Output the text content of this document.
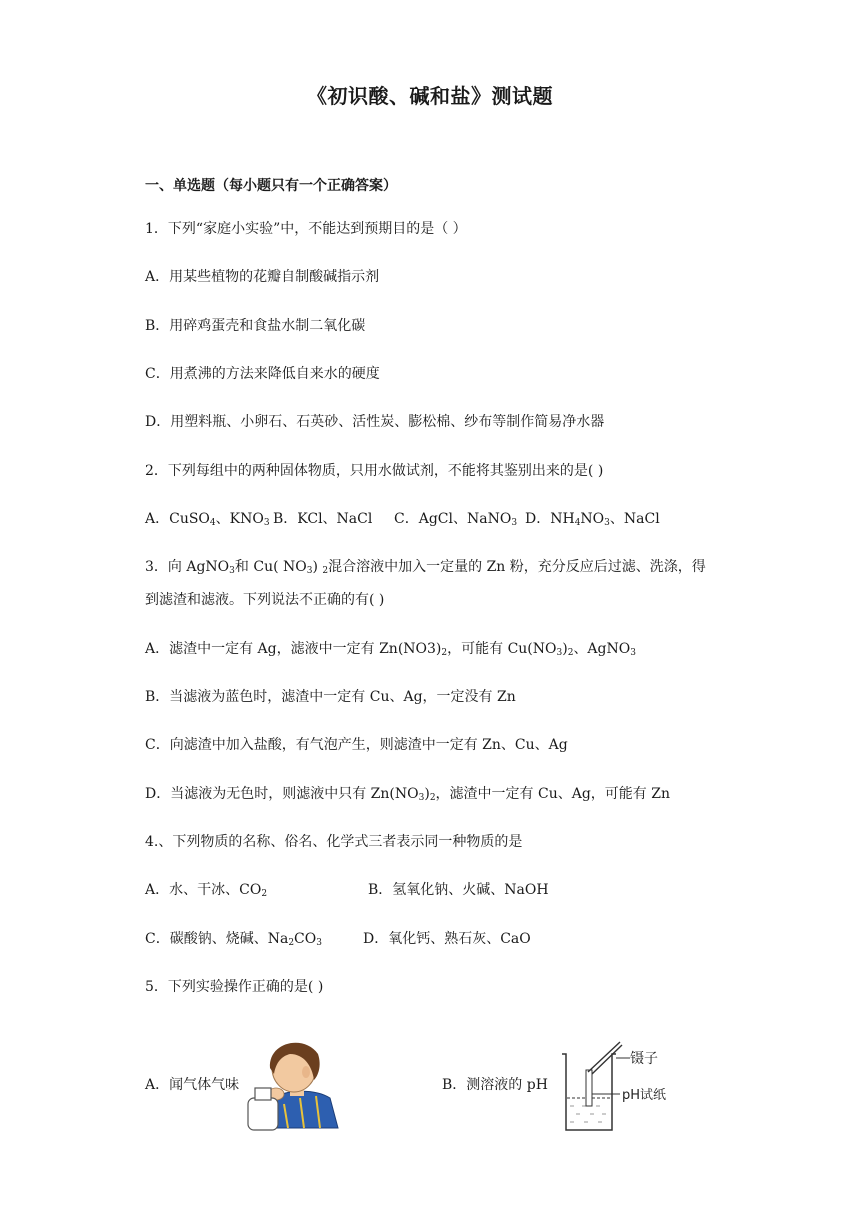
《初识酸、碱和盐》测试题
一、单选题（每小题只有一个正确答案）
1．下列“家庭小实验”中，不能达到预期目的是（ ）
A．用某些植物的花瓣自制酸碱指示剂
B．用碎鸡蛋壳和食盐水制二氧化碳
C．用煮沸的方法来降低自来水的硬度
D．用塑料瓶、小卵石、石英砂、活性炭、膨松棉、纱布等制作简易净水器
2．下列每组中的两种固体物质，只用水做试剂，不能将其鉴别出来的是( )
A．CuSO$_4$、$KNO_3$ B．KCl、NaCl C．AgCl、NaNO$_3$ D．$NH_4NO_3$、NaCl
3．向 AgNO$_3$和 Cu( $NO_3$) $_2$混合溶液中加入一定量的 Zn 粉，充分反应后过滤、洗涤，得
到滤渣和滤液。下列说法不正确的有( )
A．滤渣中一定有 Ag，滤液中一定有 $Zn(NO3)_2$，可能有 $Cu(NO_3)_2$、AgNO$_3$
B．当滤液为蓝色时，滤渣中一定有 Cu、Ag，一定没有 Zn
C．向滤渣中加入盐酸，有气泡产生，则滤渣中一定有 Zn、Cu、Ag
D．当滤液为无色时，则滤液中只有 $Zn(NO_3)_2$，滤渣中一定有 Cu、Ag，可能有 Zn
4.、下列物质的名称、俗名、化学式三者表示同一种物质的是
A．水、干冰、$CO_2$	B．氢氧化钠、火碱、NaOH
C．碳酸钠、烧碱、$Na_2CO_3$	D．氧化钙、熟石灰、CaO
5．下列实验操作正确的是( )
A．闻气体气味	B．测溶液的 pH
镊子
pH试纸
